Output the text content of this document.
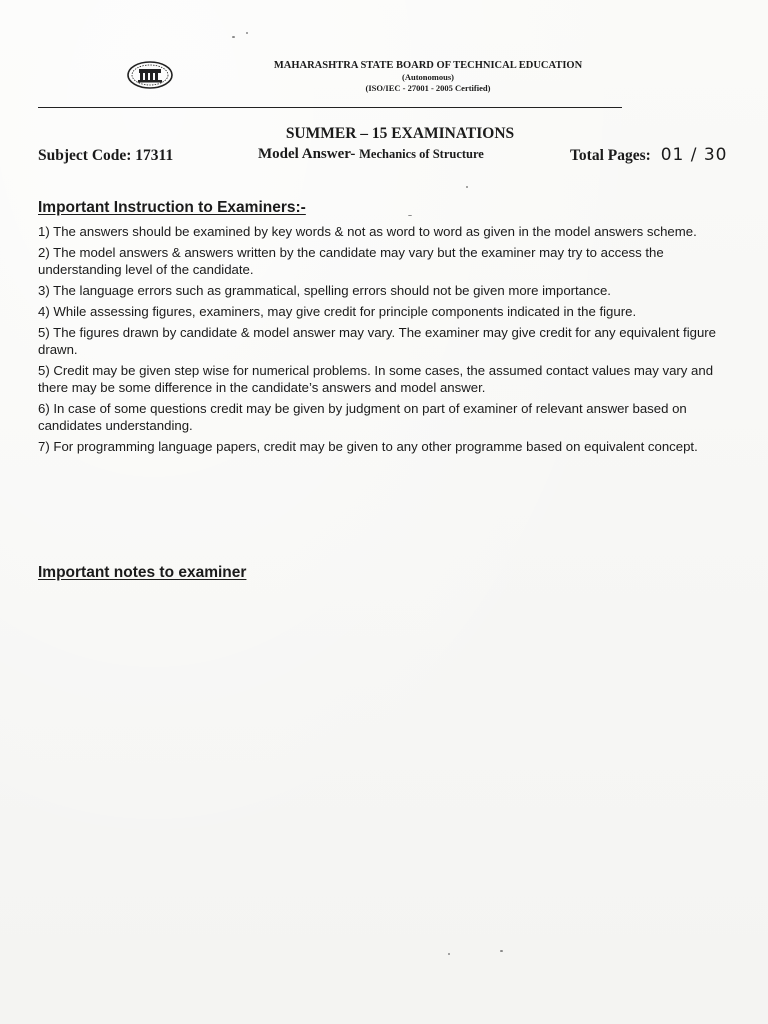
MAHARASHTRA STATE BOARD OF TECHNICAL EDUCATION
(Autonomous)
(ISO/IEC - 27001 - 2005 Certified)
SUMMER – 15 EXAMINATIONS
Subject Code: 17311	Model Answer- Mechanics of Structure	Total Pages: 01 / 30
Important Instruction to Examiners:-
1) The answers should be examined by key words & not as word to word as given in the model answers scheme.
2) The model answers & answers written by the candidate may vary but the examiner may try to access the understanding level of the candidate.
3) The language errors such as grammatical, spelling errors should not be given more importance.
4) While assessing figures, examiners, may give credit for principle components indicated in the figure.
5) The figures drawn by candidate & model answer may vary. The examiner may give credit for any equivalent figure drawn.
5) Credit may be given step wise for numerical problems. In some cases, the assumed contact values may vary and there may be some difference in the candidate’s answers and model answer.
6) In case of some questions credit may be given by judgment on part of examiner of relevant answer based on candidates understanding.
7) For programming language papers, credit may be given to any other programme based on equivalent concept.
Important notes to examiner
